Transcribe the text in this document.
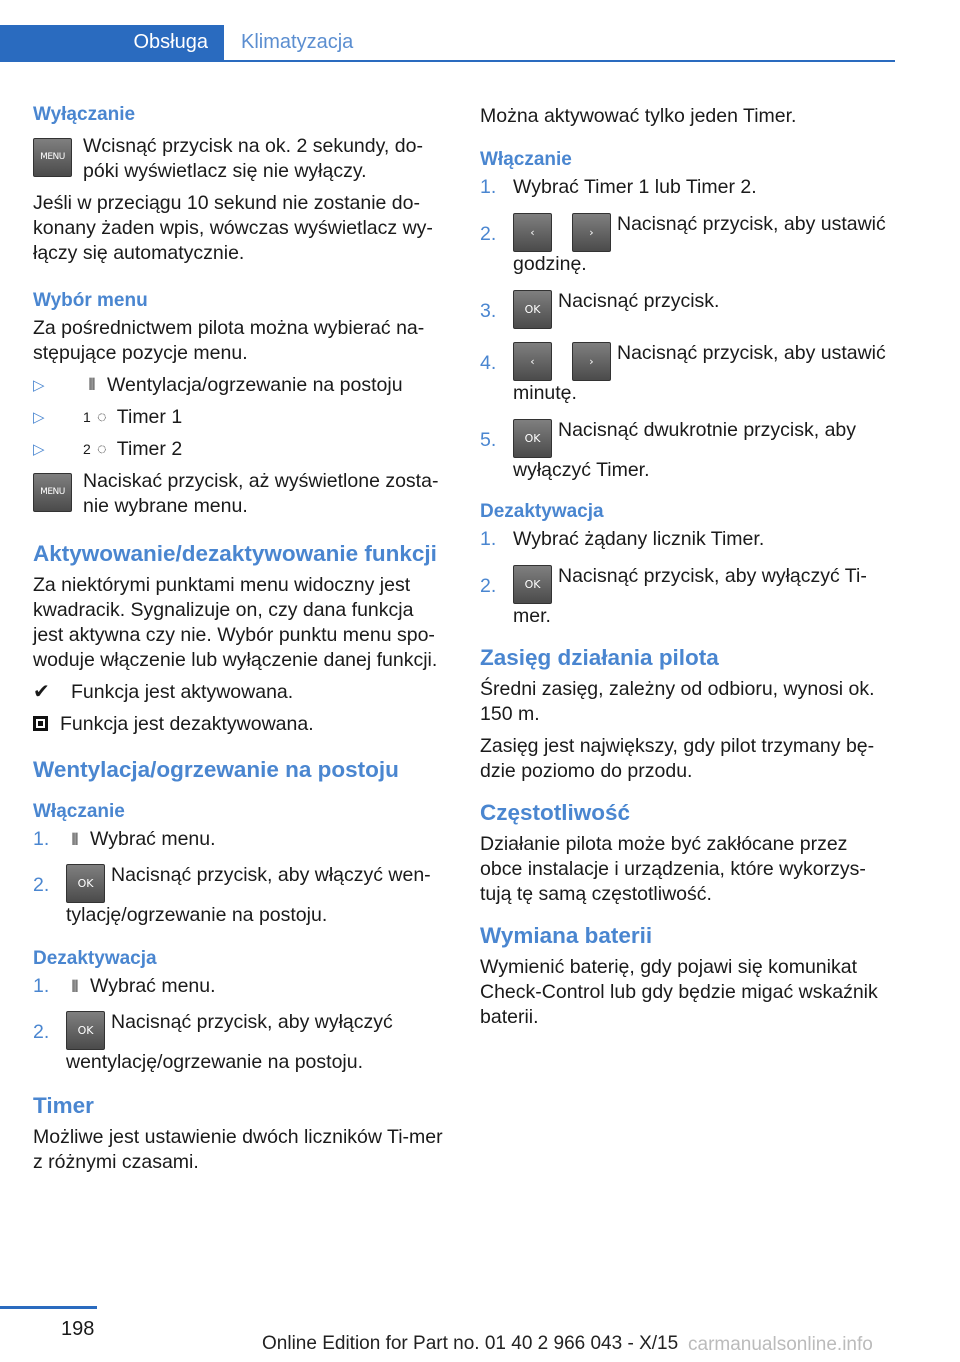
Obsługa	Klimatyzacja
Wyłączanie
MENU Wcisnąć przycisk na ok. 2 sekundy, do-
póki wyświetlacz się nie wyłączy.

Jeśli w przeciągu 10 sekund nie zostanie do-konany żaden wpis, wówczas wyświetlacz wy-łączy się automatycznie.

Wybór menu

Za pośrednictwem pilota można wybierać na-stępujące pozycje menu.

▷	⫴ Wentylacja/ogrzewanie na postoju
▷	1 ◌ Timer 1
▷	2 ◌ Timer 2
MENU Naciskać przycisk, aż wyświetlone zosta-nie wybrane menu.
Aktywowanie/dezaktywowanie funkcji

Za niektórymi punktami menu widoczny jest kwadracik. Sygnalizuje on, czy dana funkcja jest aktywna czy nie. Wybór punktu menu spo-woduje włączenie lub wyłączenie danej funkcji.

✔ Funkcja jest aktywowana.

Funkcja jest dezaktywowana.

Wentylacja/ogrzewanie na postoju
Włączanie
1.	⫴ Wybrać menu.
2.	OK Nacisnąć przycisk, aby włączyć wen-tylację/ogrzewanie na postoju.
Dezaktywacja
1.	⫴ Wybrać menu.
2.	OK Nacisnąć przycisk, aby wyłączyć wentylację/ogrzewanie na postoju.
Timer

Możliwe jest ustawienie dwóch liczników Ti-mer z różnymi czasami.

Można aktywować tylko jeden Timer.

Włączanie
1. Wybrać Timer 1 lub Timer 2.
2.	‹	› Nacisnąć przycisk, aby ustawić godzinę.
3.	OK Nacisnąć przycisk.
4.	‹	› Nacisnąć przycisk, aby ustawić minutę.
5.	OK Nacisnąć dwukrotnie przycisk, aby wyłączyć Timer.
Dezaktywacja
1. Wybrać żądany licznik Timer.
2.	OK Nacisnąć przycisk, aby wyłączyć Ti-mer.
Zasięg działania pilota

Średni zasięg, zależny od odbioru, wynosi ok. 150 m.

Zasięg jest największy, gdy pilot trzymany bę-dzie poziomo do przodu.

Częstotliwość

Działanie pilota może być zakłócane przez obce instalacje i urządzenia, które wykorzys-tują tę samą częstotliwość.

Wymiana baterii

Wymienić baterię, gdy pojawi się komunikat Check-Control lub gdy będzie migać wskaźnik baterii.

198
Online Edition for Part no. 01 40 2 966 043 - X/15 carmanualsonline.info
